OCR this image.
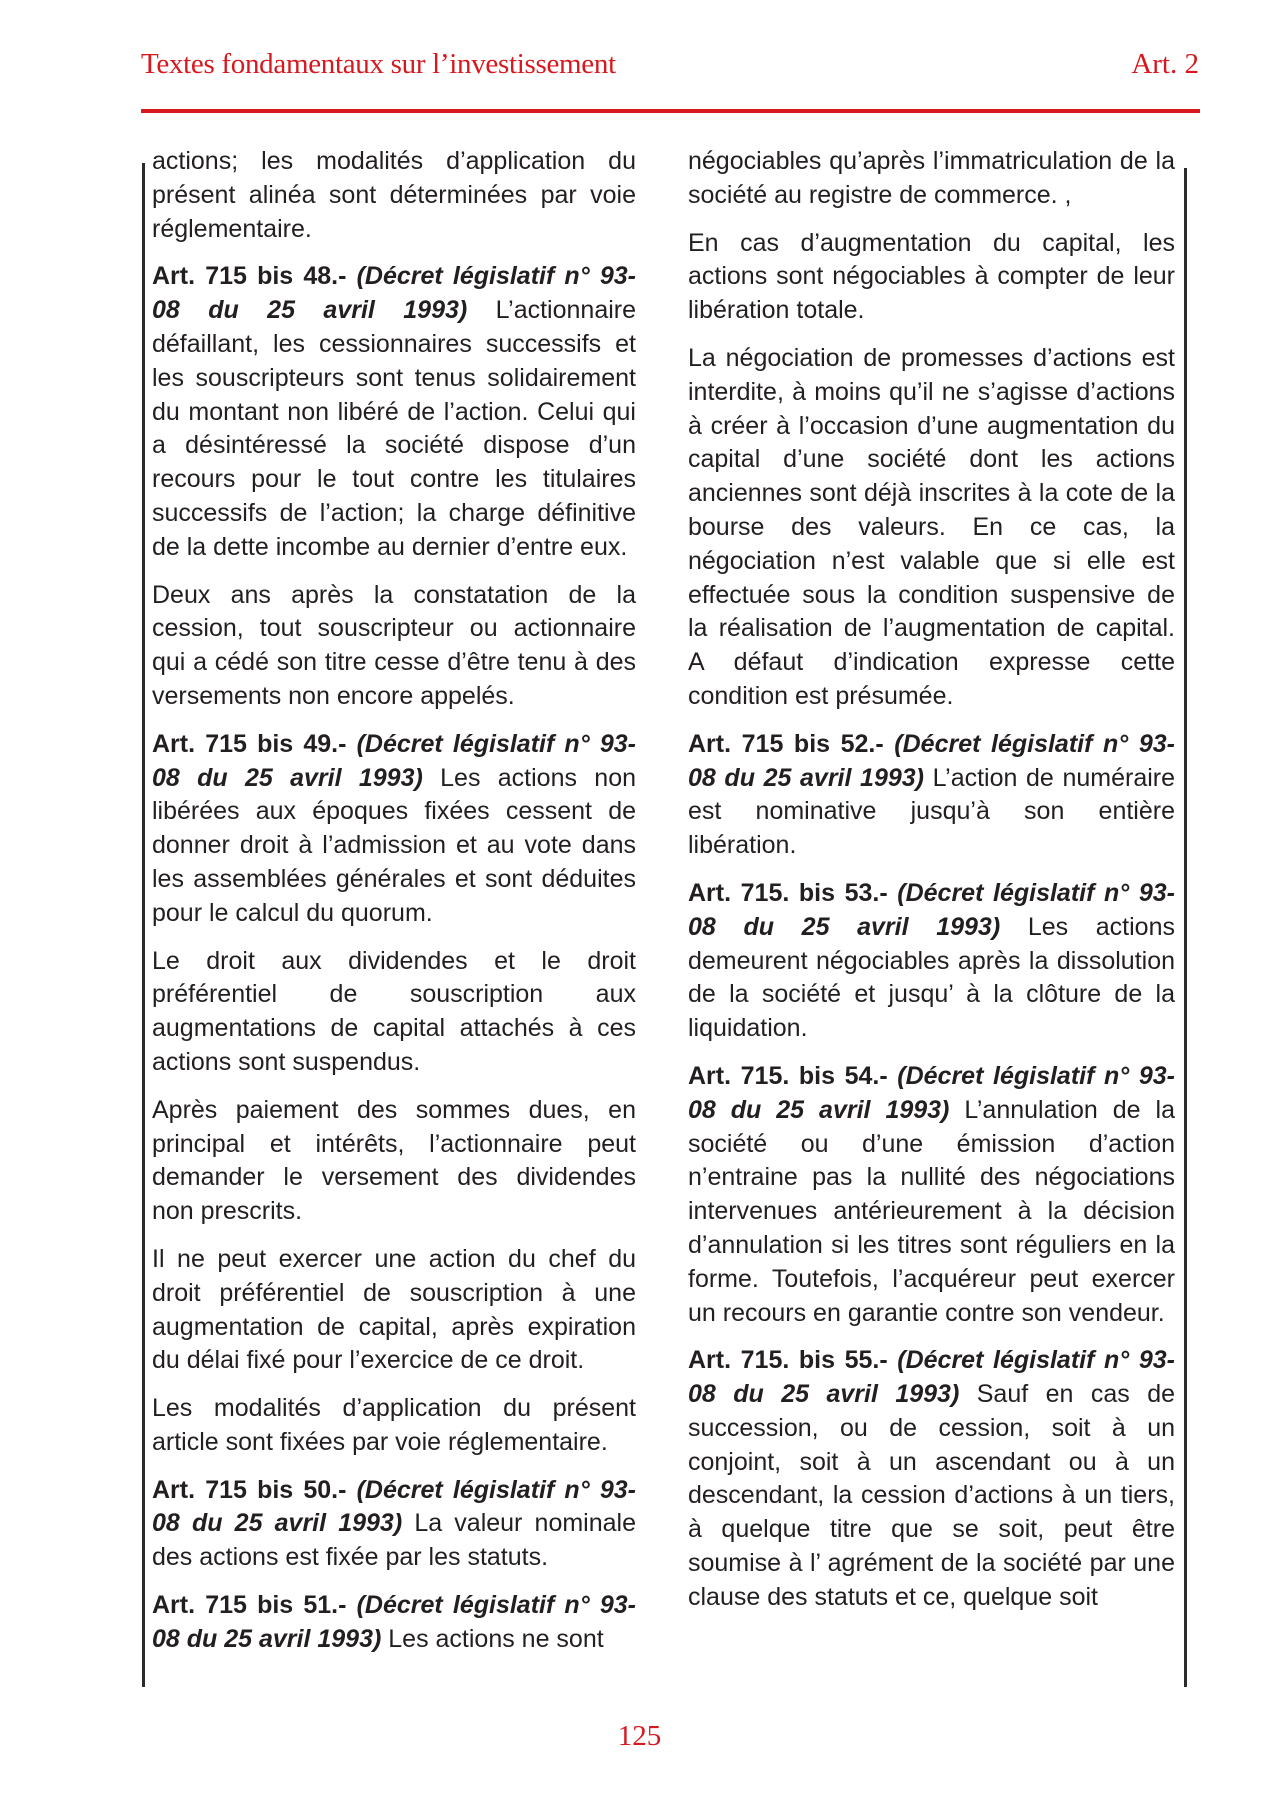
Textes fondamentaux sur l’investissement	Art. 2

actions; les modalités d’application du présent alinéa sont déterminées par voie réglementaire.

Art. 715 bis 48.- (Décret législatif n° 93-08 du 25 avril 1993) L’actionnaire défaillant, les cessionnaires successifs et les souscripteurs sont tenus solidairement du montant non libéré de l’action. Celui qui a désintéressé la société dispose d’un recours pour le tout contre les titulaires successifs de l’action; la charge définitive de la dette incombe au dernier d’entre eux.

Deux ans après la constatation de la cession, tout souscripteur ou actionnaire qui a cédé son titre cesse d’être tenu à des versements non encore appelés.

Art. 715 bis 49.- (Décret législatif n° 93-08 du 25 avril 1993) Les actions non libérées aux époques fixées cessent de donner droit à l’admission et au vote dans les assemblées générales et sont déduites pour le calcul du quorum.

Le droit aux dividendes et le droit préférentiel de souscription aux augmentations de capital attachés à ces actions sont suspendus.

Après paiement des sommes dues, en principal et intérêts, l’actionnaire peut demander le versement des dividendes non prescrits.

Il ne peut exercer une action du chef du droit préférentiel de souscription à une augmentation de capital, après expiration du délai fixé pour l’exercice de ce droit.

Les modalités d’application du présent article sont fixées par voie réglementaire.

Art. 715 bis 50.- (Décret législatif n° 93-08 du 25 avril 1993) La valeur nominale des actions est fixée par les statuts.

Art. 715 bis 51.- (Décret législatif n° 93-08 du 25 avril 1993) Les actions ne sont

négociables qu’après l’immatriculation de la société au registre de commerce. ,

En cas d’augmentation du capital, les actions sont négociables à compter de leur libération totale.

La négociation de promesses d’actions est interdite, à moins qu’il ne s’agisse d’actions à créer à l’occasion d’une augmentation du capital d’une société dont les actions anciennes sont déjà inscrites à la cote de la bourse des valeurs. En ce cas, la négociation n’est valable que si elle est effectuée sous la condition suspensive de la réalisation de l’augmentation de capital. A défaut d’indication expresse cette condition est présumée.

Art. 715 bis 52.- (Décret législatif n° 93-08 du 25 avril 1993) L’action de numéraire est nominative jusqu’à son entière libération.

Art. 715. bis 53.- (Décret législatif n° 93-08 du 25 avril 1993) Les actions demeurent négociables après la dissolution de la société et jusqu’ à la clôture de la liquidation.

Art. 715. bis 54.- (Décret législatif n° 93-08 du 25 avril 1993) L’annulation de la société ou d’une émission d’action n’entraine pas la nullité des négociations intervenues antérieurement à la décision d’annulation si les titres sont réguliers en la forme. Toutefois, l’acquéreur peut exercer un recours en garantie contre son vendeur.

Art. 715. bis 55.- (Décret législatif n° 93-08 du 25 avril 1993) Sauf en cas de succession, ou de cession, soit à un conjoint, soit à un ascendant ou à un descendant, la cession d’actions à un tiers, à quelque titre que se soit, peut être soumise à l’ agrément de la société par une clause des statuts et ce, quelque soit

125
